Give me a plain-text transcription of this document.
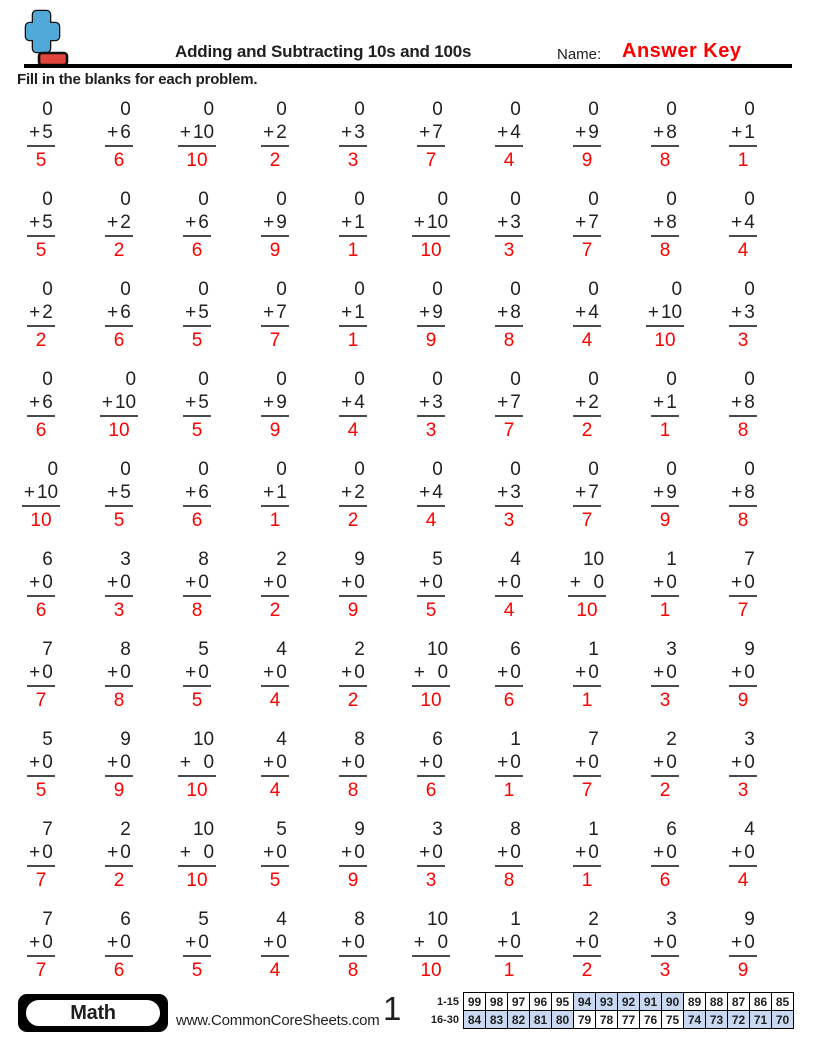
Adding and Subtracting 10s and 100s	Name: Answer Key
Fill in the blanks for each problem.
0
+ 5
5
0
+ 6
6
0
+ 10
10
0
+ 2
2
0
+ 3
3
0
+ 7
7
0
+ 4
4
0
+ 9
9
0
+ 8
8
0
+ 1
1
0
+ 5
5
0
+ 2
2
0
+ 6
6
0
+ 9
9
0
+ 1
1
0
+ 10
10
0
+ 3
3
0
+ 7
7
0
+ 8
8
0
+ 4
4
0
+ 2
2
0
+ 6
6
0
+ 5
5
0
+ 7
7
0
+ 1
1
0
+ 9
9
0
+ 8
8
0
+ 4
4
0
+ 10
10
0
+ 3
3
0
+ 6
6
0
+ 10
10
0
+ 5
5
0
+ 9
9
0
+ 4
4
0
+ 3
3
0
+ 7
7
0
+ 2
2
0
+ 1
1
0
+ 8
8
0
+ 10
10
0
+ 5
5
0
+ 6
6
0
+ 1
1
0
+ 2
2
0
+ 4
4
0
+ 3
3
0
+ 7
7
0
+ 9
9
0
+ 8
8
6
+ 0
6
3
+ 0
3
8
+ 0
8
2
+ 0
2
9
+ 0
9
5
+ 0
5
4
+ 0
4
10
+ 0
10
1
+ 0
1
7
+ 0
7
7
+ 0
7
8
+ 0
8
5
+ 0
5
4
+ 0
4
2
+ 0
2
10
+ 0
10
6
+ 0
6
1
+ 0
1
3
+ 0
3
9
+ 0
9
5
+ 0
5
9
+ 0
9
10
+ 0
10
4
+ 0
4
8
+ 0
8
6
+ 0
6
1
+ 0
1
7
+ 0
7
2
+ 0
2
3
+ 0
3
7
+ 0
7
2
+ 0
2
10
+ 0
10
5
+ 0
5
9
+ 0
9
3
+ 0
3
8
+ 0
8
1
+ 0
1
6
+ 0
6
4
+ 0
4
7
+ 0
7
6
+ 0
6
5
+ 0
5
4
+ 0
4
8
+ 0
8
10
+ 0
10
1
+ 0
1
2
+ 0
2
3
+ 0
3
9
+ 0
9
Math	www.CommonCoreSheets.com 1	1-15	99	98	97	96	95	94	93	92	91	90	89	88	87	86	85
16-30	84	83	82	81	80	79	78	77	76	75	74	73	72	71	70
